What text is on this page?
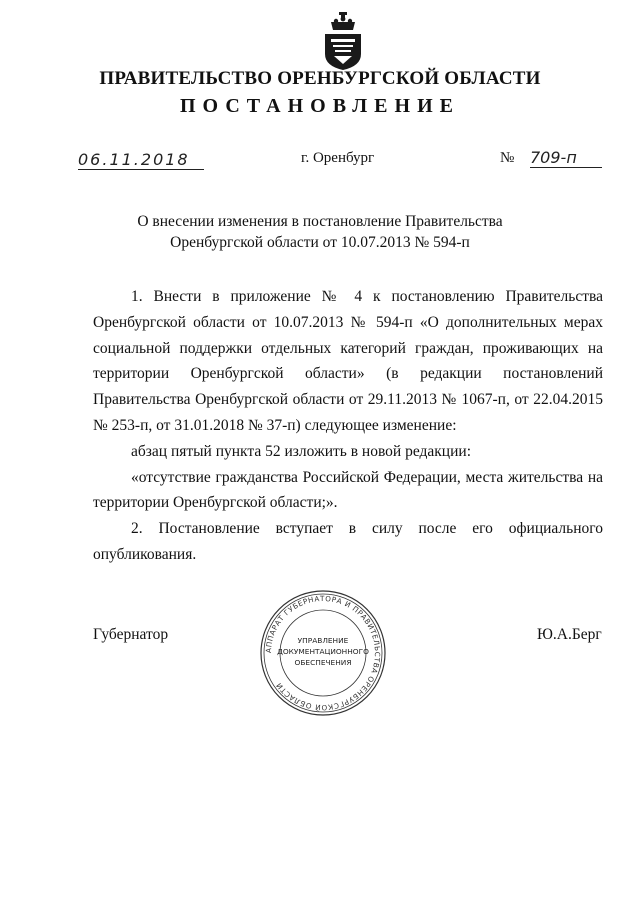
ПРАВИТЕЛЬСТВО ОРЕНБУРГСКОЙ ОБЛАСТИ
ПОСТАНОВЛЕНИЕ
06.11.2018	г. Оренбург	№ 709-п
О внесении изменения в постановление Правительства
Оренбургской области от 10.07.2013 № 594-п

1. Внести в приложение № 4 к постановлению Правительства Оренбургской области от 10.07.2013 № 594-п «О дополнительных мерах социальной поддержки отдельных категорий граждан, проживающих на территории Оренбургской области» (в редакции постановлений Правительства Оренбургской области от 29.11.2013 № 1067-п, от 22.04.2015 № 253-п, от 31.01.2018 № 37-п) следующее изменение:

абзац пятый пункта 52 изложить в новой редакции:

«отсутствие гражданства Российской Федерации, места жительства на территории Оренбургской области;».

2. Постановление вступает в силу после его официального опубликования.

АППАРАТ ГУБЕРНАТОРА И ПРАВИТЕЛЬСТВА ОРЕНБУРГСКОЙ ОБЛАСТИ
УПРАВЛЕНИЕ
ДОКУМЕНТАЦИОННОГО
ОБЕСПЕЧЕНИЯ
Губернатор	Ю.А.Берг
